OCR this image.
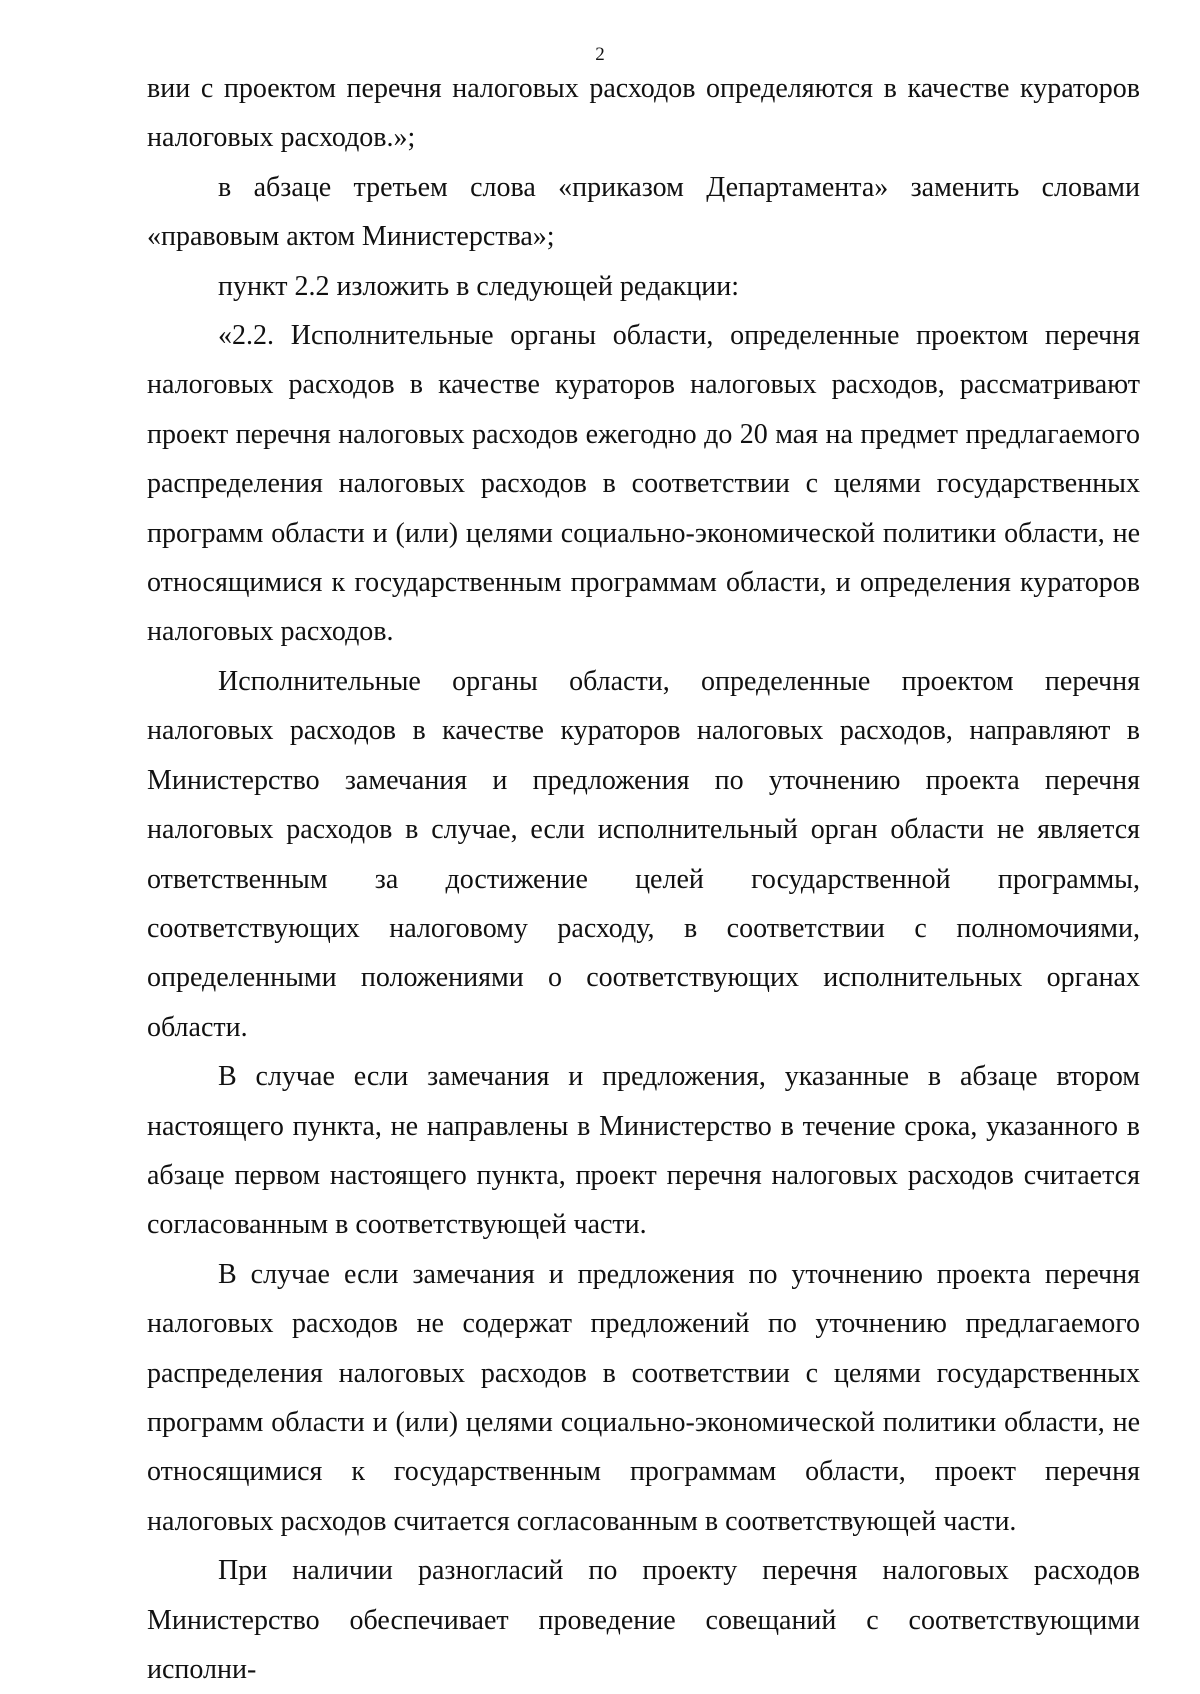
2

вии с проектом перечня налоговых расходов определяются в качестве кураторов налоговых расходов.»;

в абзаце третьем слова «приказом Департамента» заменить словами «правовым актом Министерства»;

пункт 2.2 изложить в следующей редакции:

«2.2. Исполнительные органы области, определенные проектом перечня налоговых расходов в качестве кураторов налоговых расходов, рассматривают проект перечня налоговых расходов ежегодно до 20 мая на предмет предлагаемого распределения налоговых расходов в соответствии с целями государственных программ области и (или) целями социально-экономической политики области, не относящимися к государственным программам области, и определения кураторов налоговых расходов.

Исполнительные органы области, определенные проектом перечня налоговых расходов в качестве кураторов налоговых расходов, направляют в Министерство замечания и предложения по уточнению проекта перечня налоговых расходов в случае, если исполнительный орган области не является ответственным за достижение целей государственной программы, соответствующих налоговому расходу, в соответствии с полномочиями, определенными положениями о соответствующих исполнительных органах области.

В случае если замечания и предложения, указанные в абзаце втором настоящего пункта, не направлены в Министерство в течение срока, указанного в абзаце первом настоящего пункта, проект перечня налоговых расходов считается согласованным в соответствующей части.

В случае если замечания и предложения по уточнению проекта перечня налоговых расходов не содержат предложений по уточнению предлагаемого распределения налоговых расходов в соответствии с целями государственных программ области и (или) целями социально-экономической политики области, не относящимися к государственным программам области, проект перечня налоговых расходов считается согласованным в соответствующей части.

При наличии разногласий по проекту перечня налоговых расходов Министерство обеспечивает проведение совещаний с соответствующими исполни-
